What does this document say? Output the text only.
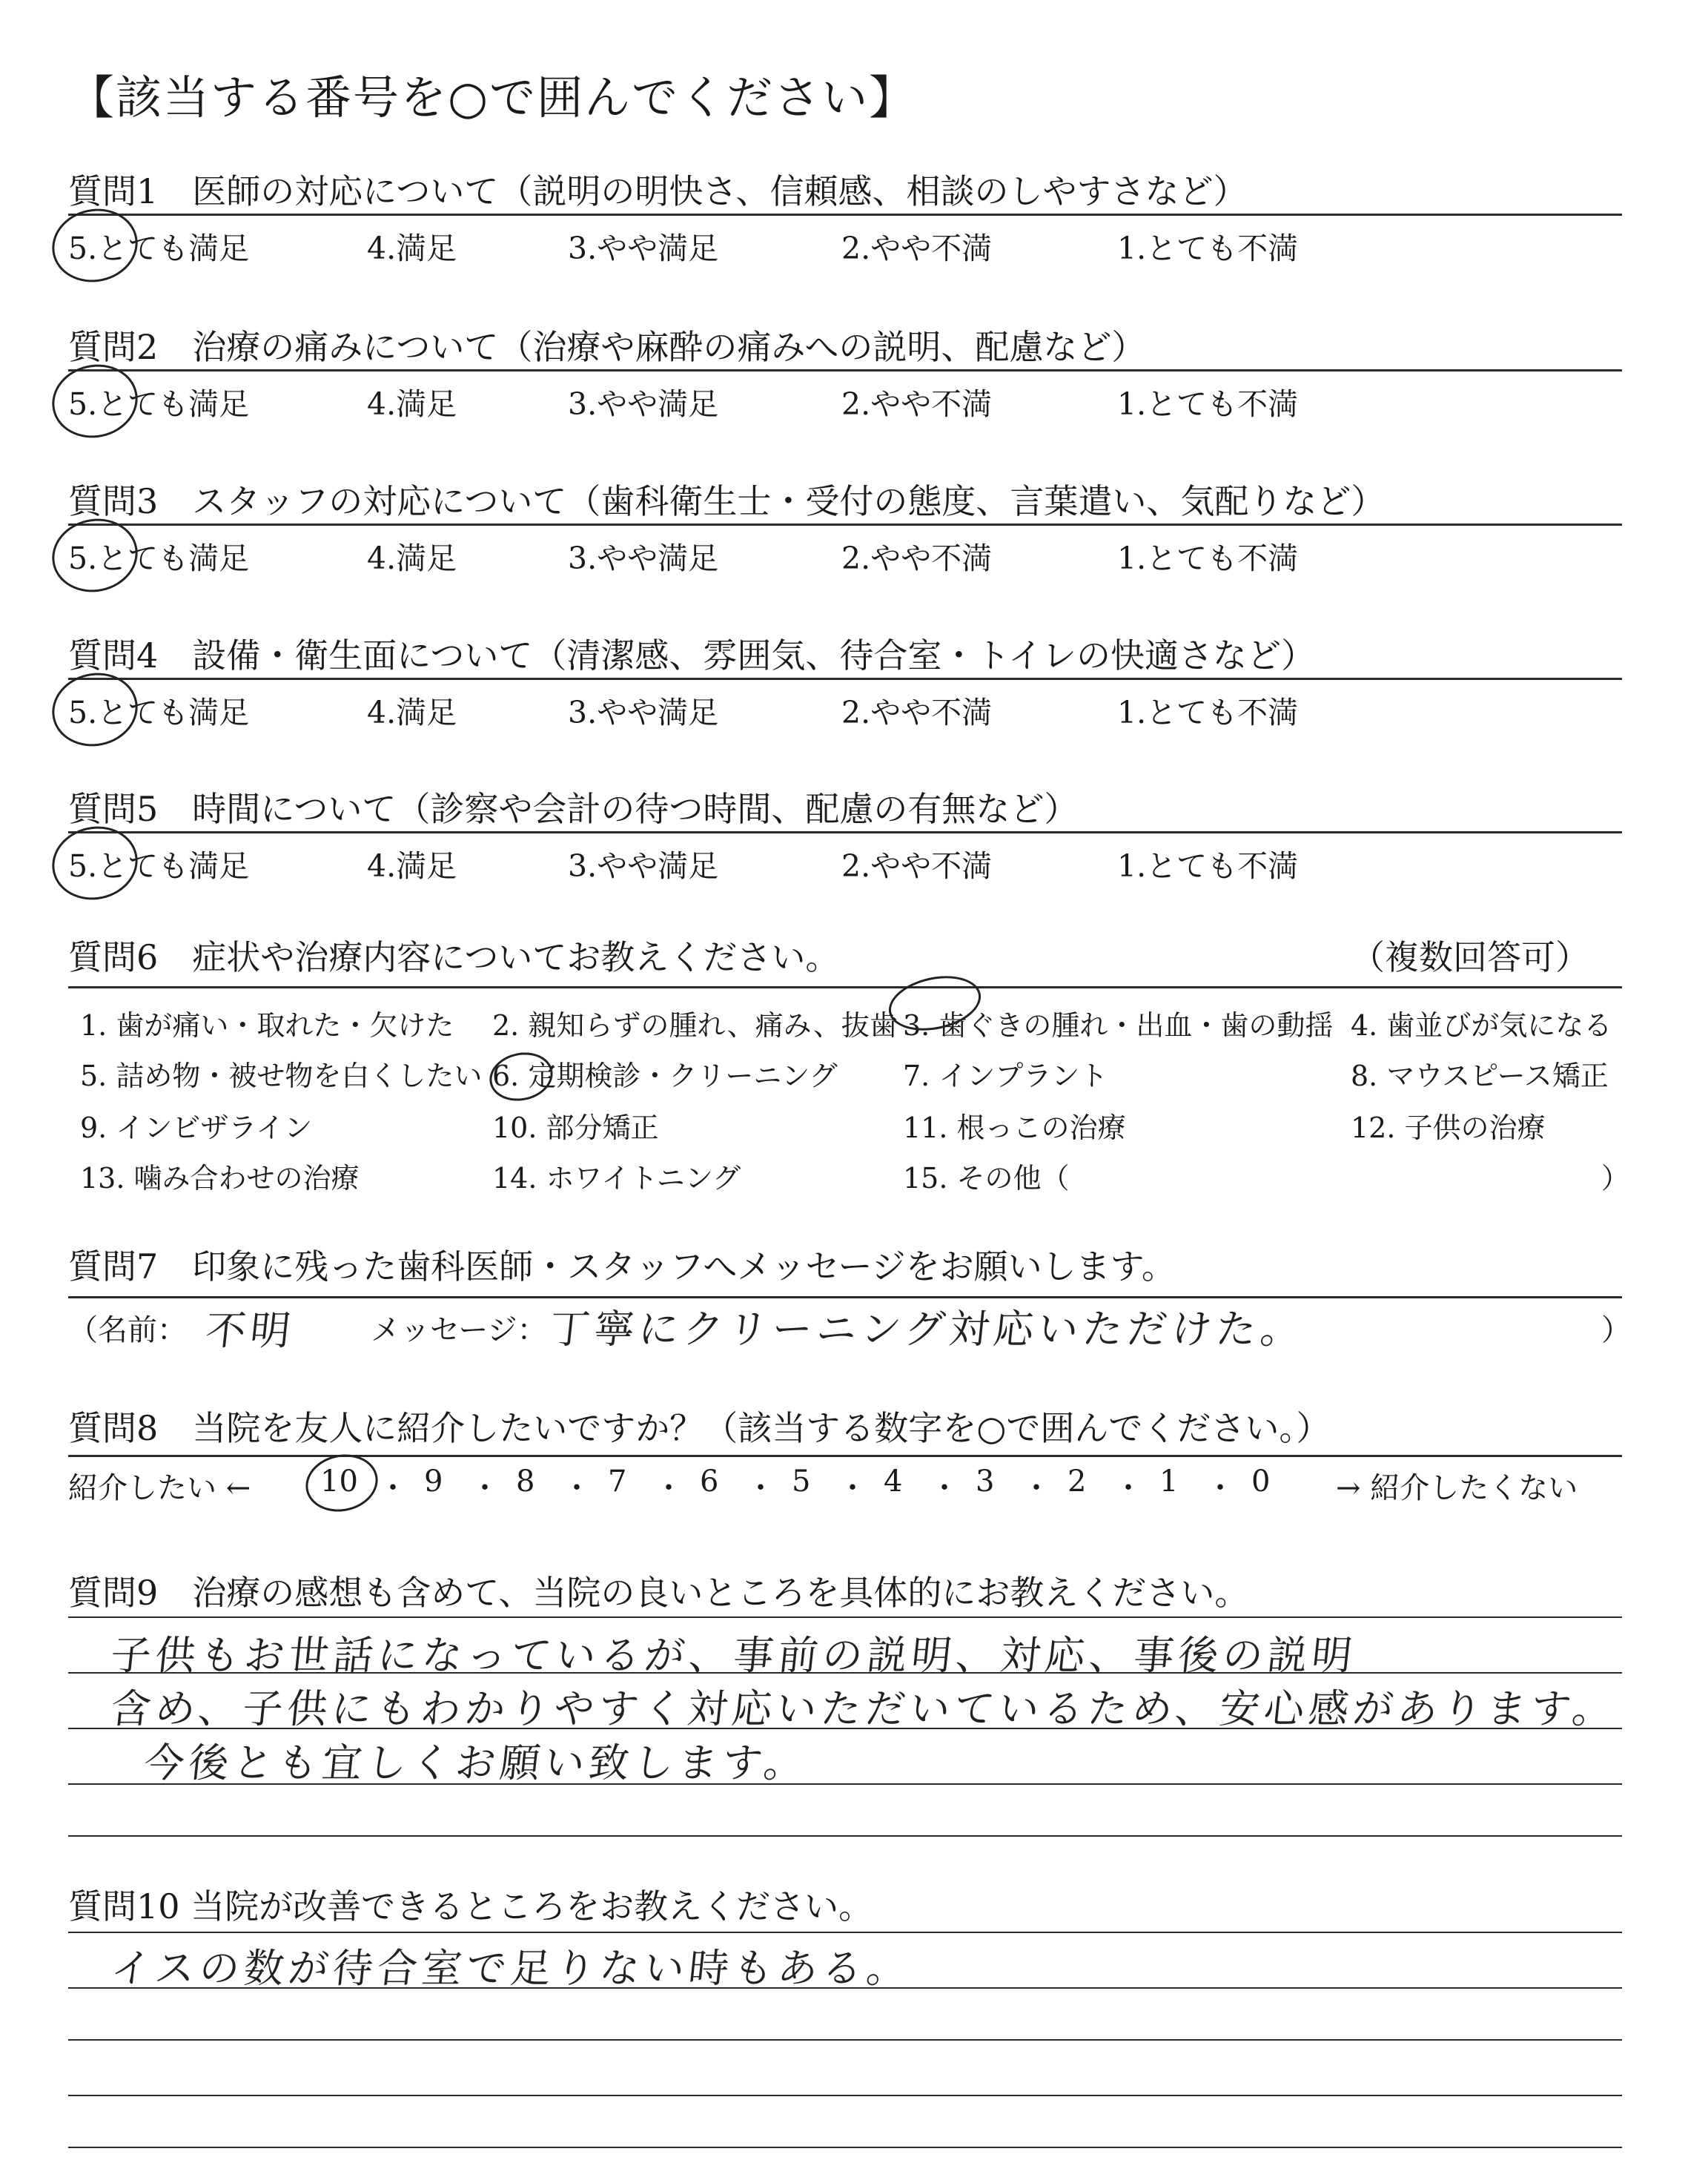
【該当する番号を○で囲んでください】
質問1　医師の対応について（説明の明快さ、信頼感、相談のしやすさなど）
5.とても満足	4.満足	3.やや満足	2.やや不満	1.とても不満
質問2　治療の痛みについて（治療や麻酔の痛みへの説明、配慮など）
5.とても満足	4.満足	3.やや満足	2.やや不満	1.とても不満
質問3　スタッフの対応について（歯科衛生士・受付の態度、言葉遣い、気配りなど）
5.とても満足	4.満足	3.やや満足	2.やや不満	1.とても不満
質問4　設備・衛生面について（清潔感、雰囲気、待合室・トイレの快適さなど）
5.とても満足	4.満足	3.やや満足	2.やや不満	1.とても不満
質問5　時間について（診察や会計の待つ時間、配慮の有無など）
5.とても満足	4.満足	3.やや満足	2.やや不満	1.とても不満
質問6　症状や治療内容についてお教えください。	（複数回答可）
1. 歯が痛い・取れた・欠けた 2. 親知らずの腫れ、痛み、抜歯 3. 歯ぐきの腫れ・出血・歯の動揺 4. 歯並びが気になる
5. 詰め物・被せ物を白くしたい 6. 定期検診・クリーニング 7. インプラント	8. マウスピース矯正
9. インビザライン	10. 部分矯正	11. 根っこの治療	12. 子供の治療
13. 噛み合わせの治療	14. ホワイトニング	15. その他（	）
質問7　印象に残った歯科医師・スタッフへメッセージをお願いします。
（名前： 不明 メッセージ： 丁寧にクリーニング対応いただけた。	）
質問8　当院を友人に紹介したいですか？（該当する数字を○で囲んでください。）
紹介したい ← 10 ・ 9 ・ 8 ・ 7 ・ 6 ・ 5 ・ 4 ・ 3 ・ 2 ・ 1 ・ 0 → 紹介したくない
質問9　治療の感想も含めて、当院の良いところを具体的にお教えください。
子供もお世話になっているが、事前の説明、対応、事後の説明
含め、子供にもわかりやすく対応いただいているため、安心感があります。
今後とも宜しくお願い致します。
質問10 当院が改善できるところをお教えください。
イスの数が待合室で足りない時もある。
